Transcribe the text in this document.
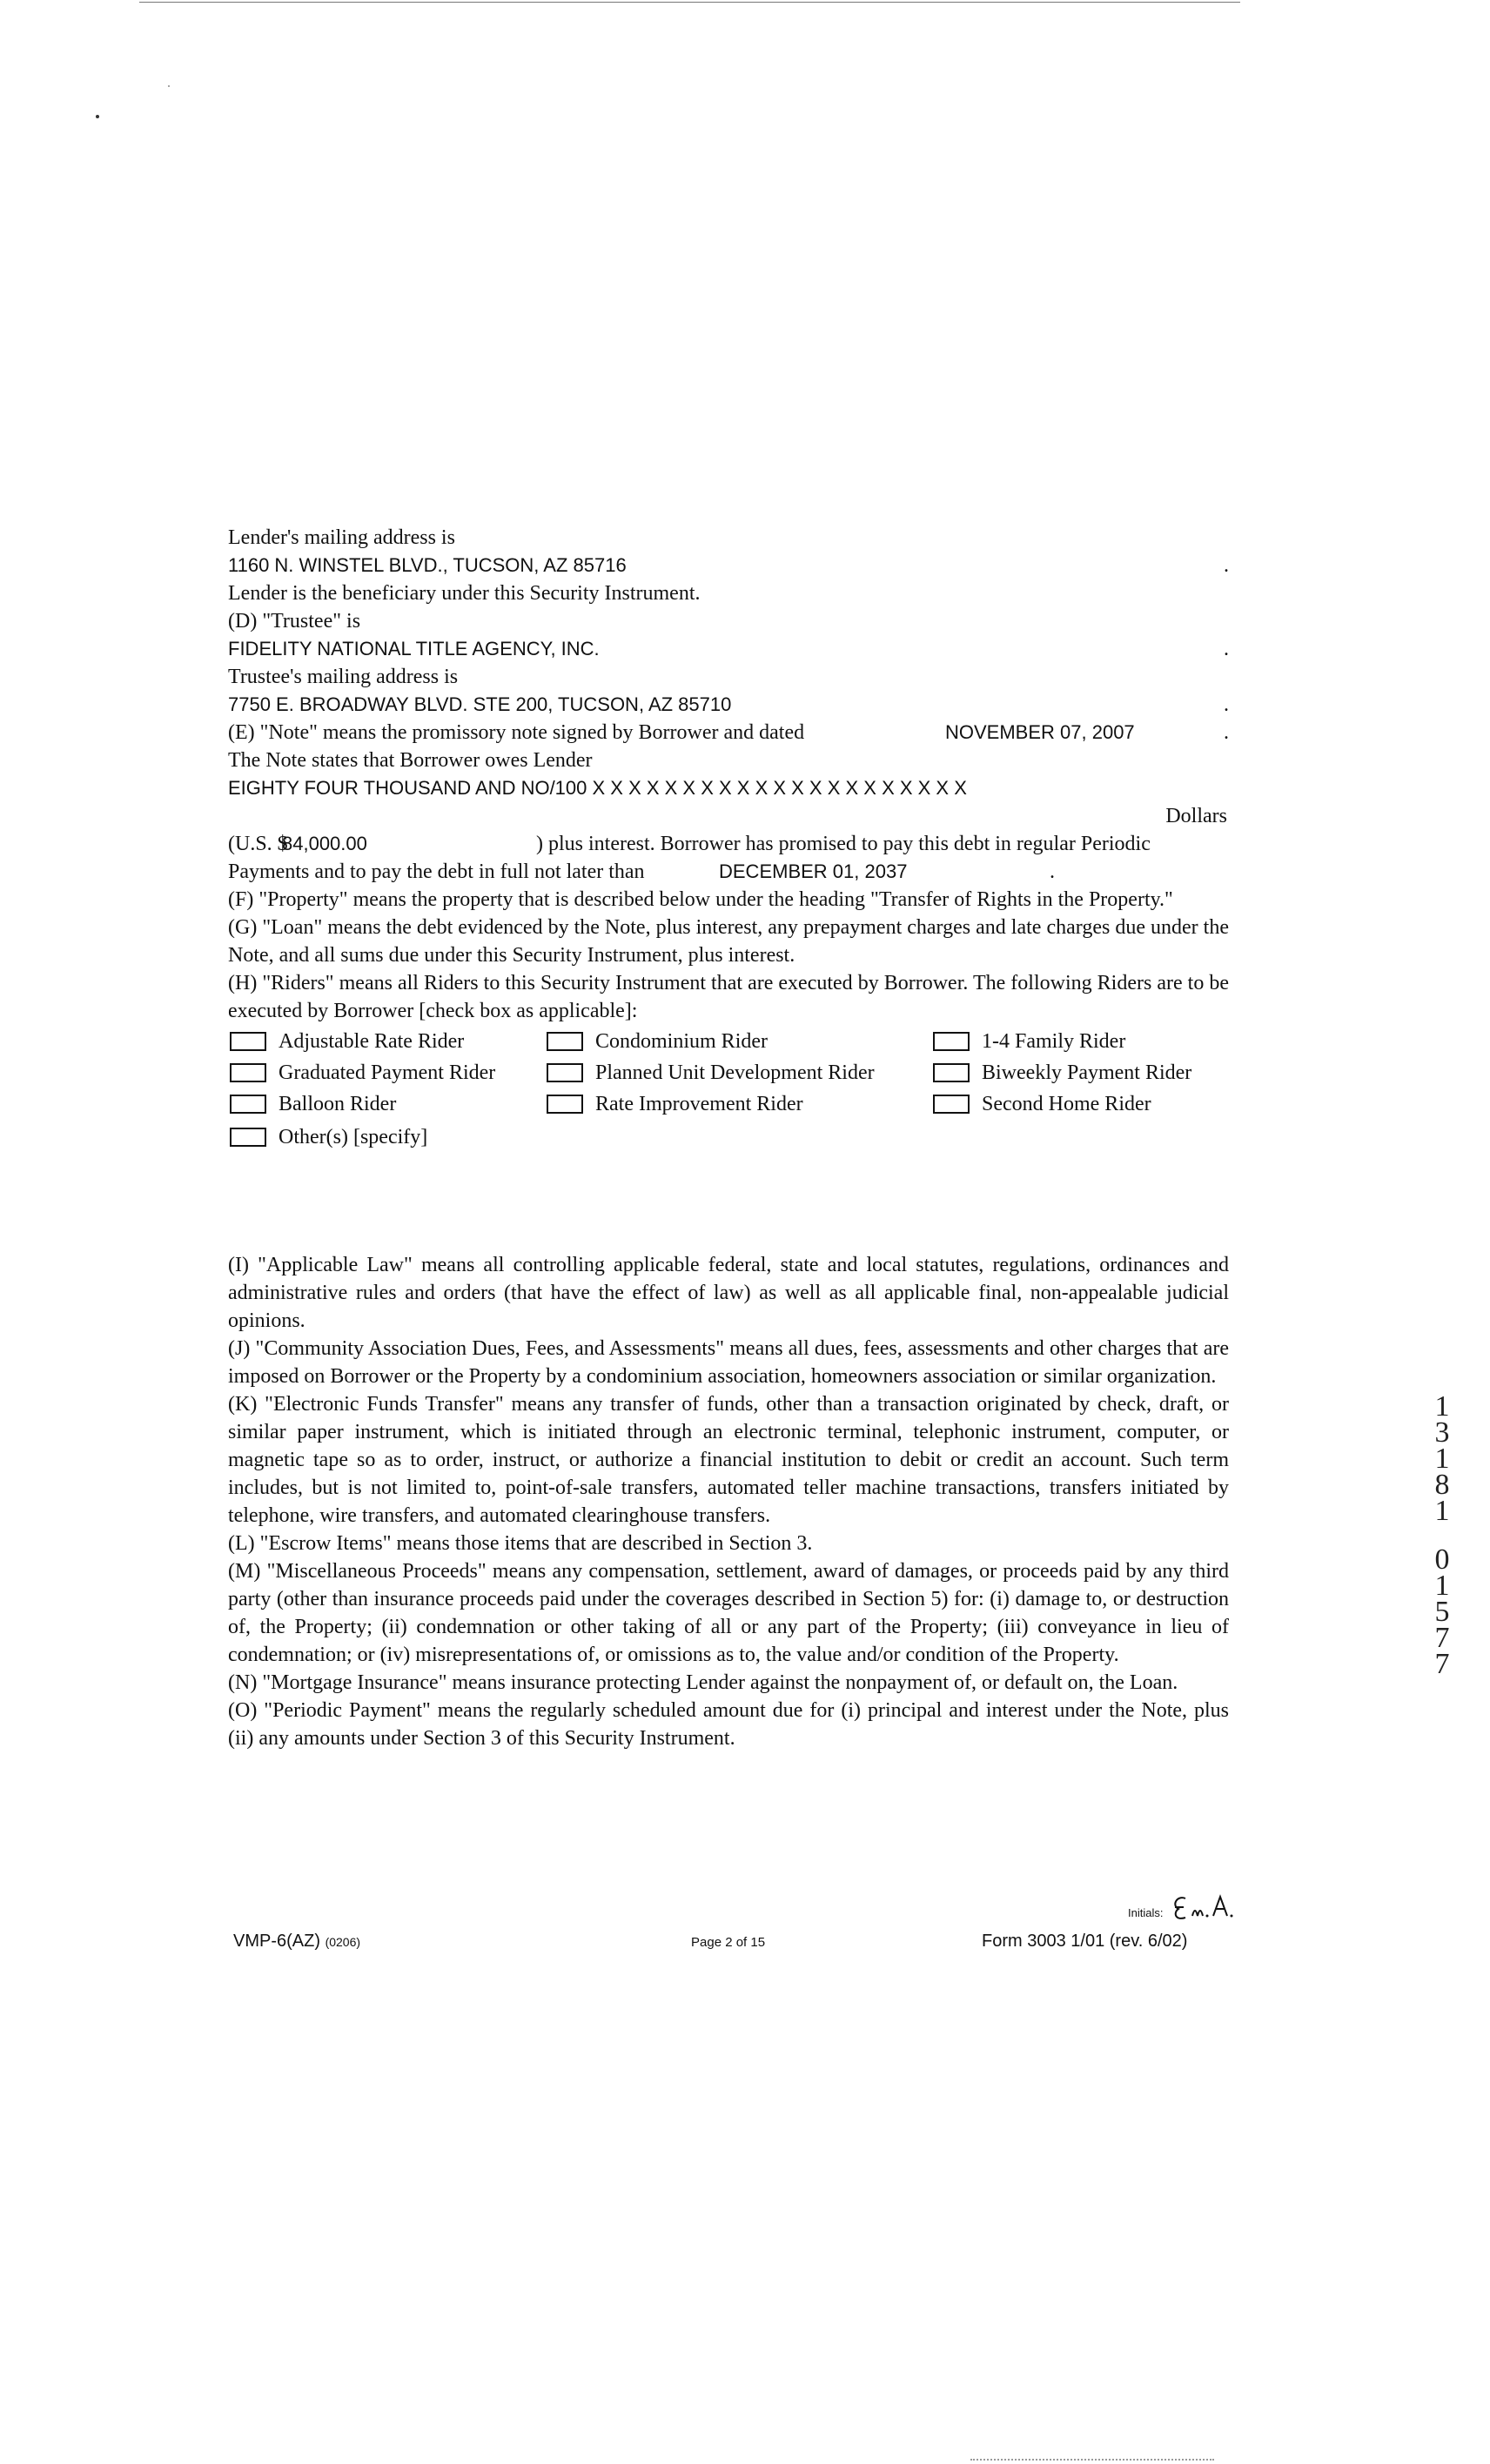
Lender's mailing address is
1160 N. WINSTEL BLVD., TUCSON, AZ 85716	.
Lender is the beneficiary under this Security Instrument.
(D) "Trustee" is
FIDELITY NATIONAL TITLE AGENCY, INC.	.
Trustee's mailing address is
7750 E. BROADWAY BLVD. STE 200, TUCSON, AZ 85710	.
(E) "Note" means the promissory note signed by Borrower and dated	NOVEMBER 07, 2007	.
The Note states that Borrower owes Lender
EIGHTY FOUR THOUSAND AND NO/100 X X X X X X X X X X X X X X X X X X X X X
Dollars
(U.S. $
84,000.00	) plus interest. Borrower has promised to pay this debt in regular Periodic
Payments and to pay the debt in full not later than	DECEMBER 01, 2037	.

(F) "Property" means the property that is described below under the heading "Transfer of Rights in the Property."

(G) "Loan" means the debt evidenced by the Note, plus interest, any prepayment charges and late charges due under the Note, and all sums due under this Security Instrument, plus interest.

(H) "Riders" means all Riders to this Security Instrument that are executed by Borrower. The following Riders are to be executed by Borrower [check box as applicable]:

Adjustable Rate Rider	Condominium Rider	1-4 Family Rider
Graduated Payment Rider	Planned Unit Development Rider	Biweekly Payment Rider
Balloon Rider	Rate Improvement Rider	Second Home Rider
Other(s) [specify]

(I) "Applicable Law" means all controlling applicable federal, state and local statutes, regulations, ordinances and administrative rules and orders (that have the effect of law) as well as all applicable final, non-appealable judicial opinions.

(J) "Community Association Dues, Fees, and Assessments" means all dues, fees, assessments and other charges that are imposed on Borrower or the Property by a condominium association, homeowners association or similar organization.

(K) "Electronic Funds Transfer" means any transfer of funds, other than a transaction originated by check, draft, or similar paper instrument, which is initiated through an electronic terminal, telephonic instrument, computer, or magnetic tape so as to order, instruct, or authorize a financial institution to debit or credit an account. Such term includes, but is not limited to, point-of-sale transfers, automated teller machine transactions, transfers initiated by telephone, wire transfers, and automated clearinghouse transfers.

(L) "Escrow Items" means those items that are described in Section 3.

(M) "Miscellaneous Proceeds" means any compensation, settlement, award of damages, or proceeds paid by any third party (other than insurance proceeds paid under the coverages described in Section 5) for: (i) damage to, or destruction of, the Property; (ii) condemnation or other taking of all or any part of the Property; (iii) conveyance in lieu of condemnation; or (iv) misrepresentations of, or omissions as to, the value and/or condition of the Property.

(N) "Mortgage Insurance" means insurance protecting Lender against the nonpayment of, or default on, the Loan.

(O) "Periodic Payment" means the regularly scheduled amount due for (i) principal and interest under the Note, plus (ii) any amounts under Section 3 of this Security Instrument.

Initials:
VMP-6(AZ) (0206)	Page 2 of 15	Form 3003 1/01 (rev. 6/02)
1
3
1
8
1
0
1
5
7
7
